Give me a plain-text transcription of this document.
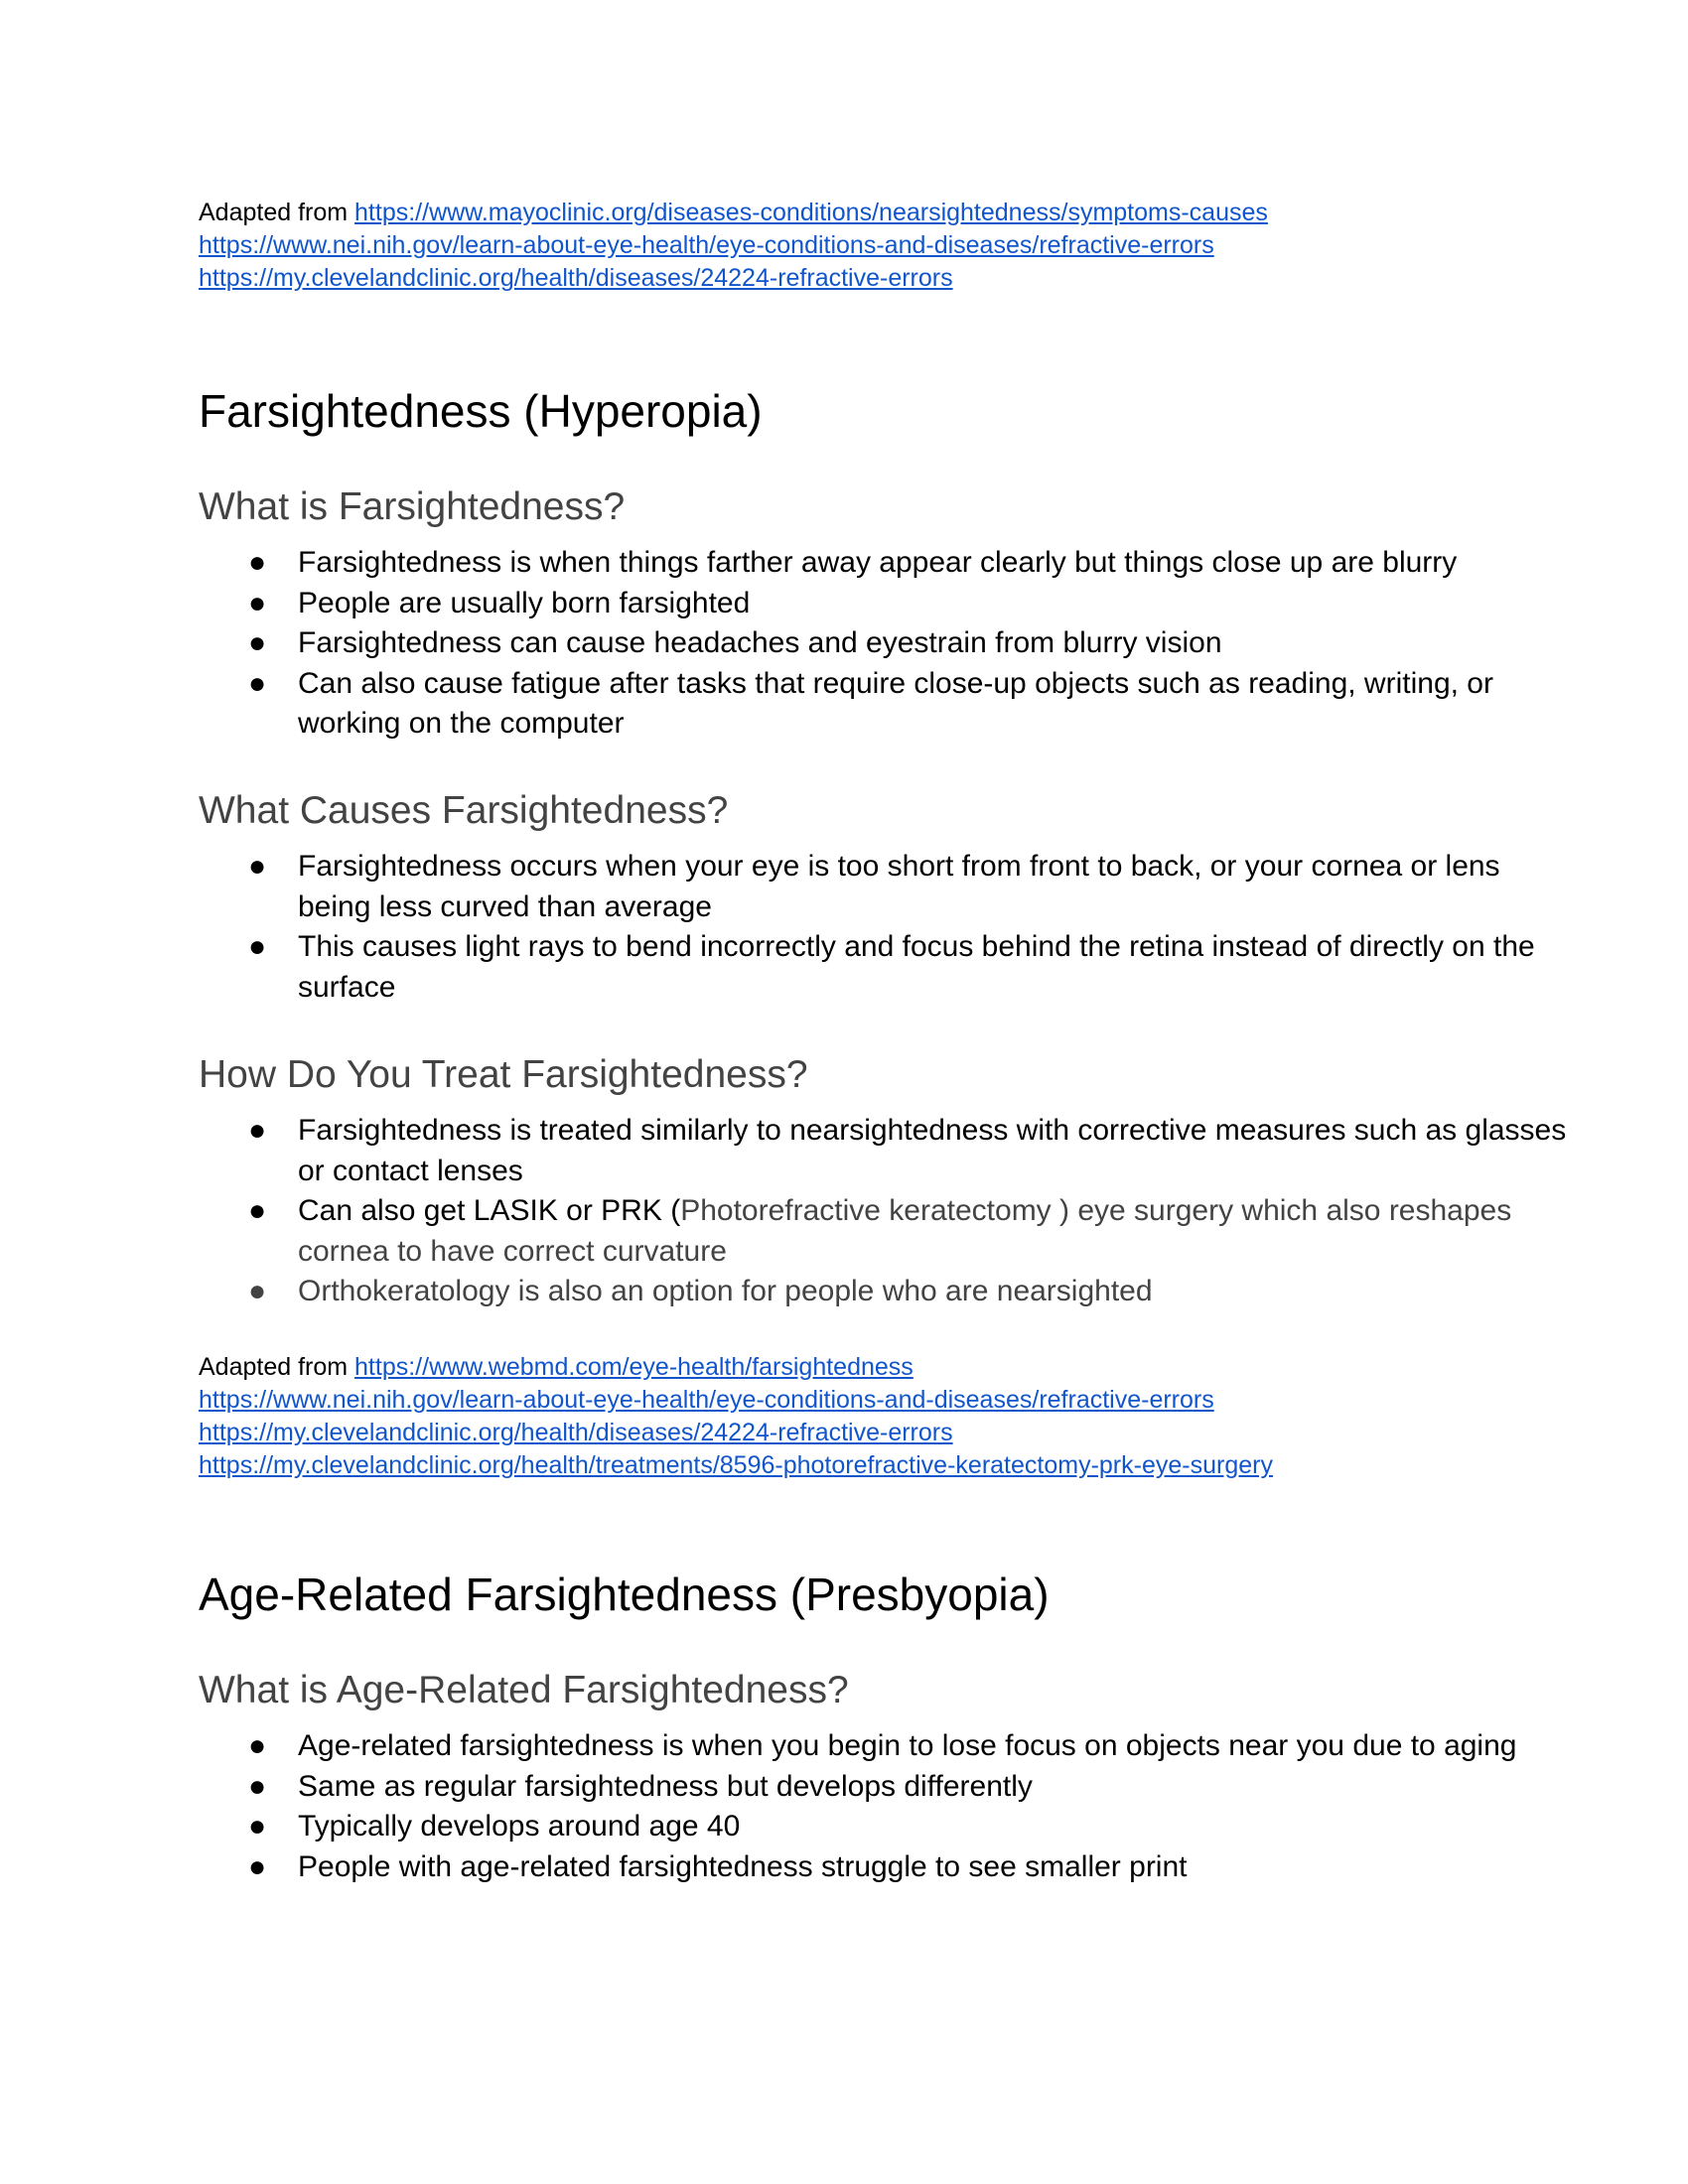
Adapted from https://www.mayoclinic.org/diseases-conditions/nearsightedness/symptoms-causes
https://www.nei.nih.gov/learn-about-eye-health/eye-conditions-and-diseases/refractive-errors
https://my.clevelandclinic.org/health/diseases/24224-refractive-errors
Farsightedness (Hyperopia)
What is Farsightedness?
● Farsightedness is when things farther away appear clearly but things close up are blurry
● People are usually born farsighted
● Farsightedness can cause headaches and eyestrain from blurry vision
● Can also cause fatigue after tasks that require close-up objects such as reading, writing, or working on the computer
What Causes Farsightedness?
● Farsightedness occurs when your eye is too short from front to back, or your cornea or lens being less curved than average
● This causes light rays to bend incorrectly and focus behind the retina instead of directly on the surface
How Do You Treat Farsightedness?
● Farsightedness is treated similarly to nearsightedness with corrective measures such as glasses or contact lenses
● Can also get LASIK or PRK (Photorefractive keratectomy ) eye surgery which also reshapes cornea to have correct curvature
● Orthokeratology is also an option for people who are nearsighted
Adapted from https://www.webmd.com/eye-health/farsightedness
https://www.nei.nih.gov/learn-about-eye-health/eye-conditions-and-diseases/refractive-errors
https://my.clevelandclinic.org/health/diseases/24224-refractive-errors
https://my.clevelandclinic.org/health/treatments/8596-photorefractive-keratectomy-prk-eye-surgery
Age-Related Farsightedness (Presbyopia)
What is Age-Related Farsightedness?
● Age-related farsightedness is when you begin to lose focus on objects near you due to aging
● Same as regular farsightedness but develops differently
● Typically develops around age 40
● People with age-related farsightedness struggle to see smaller print
